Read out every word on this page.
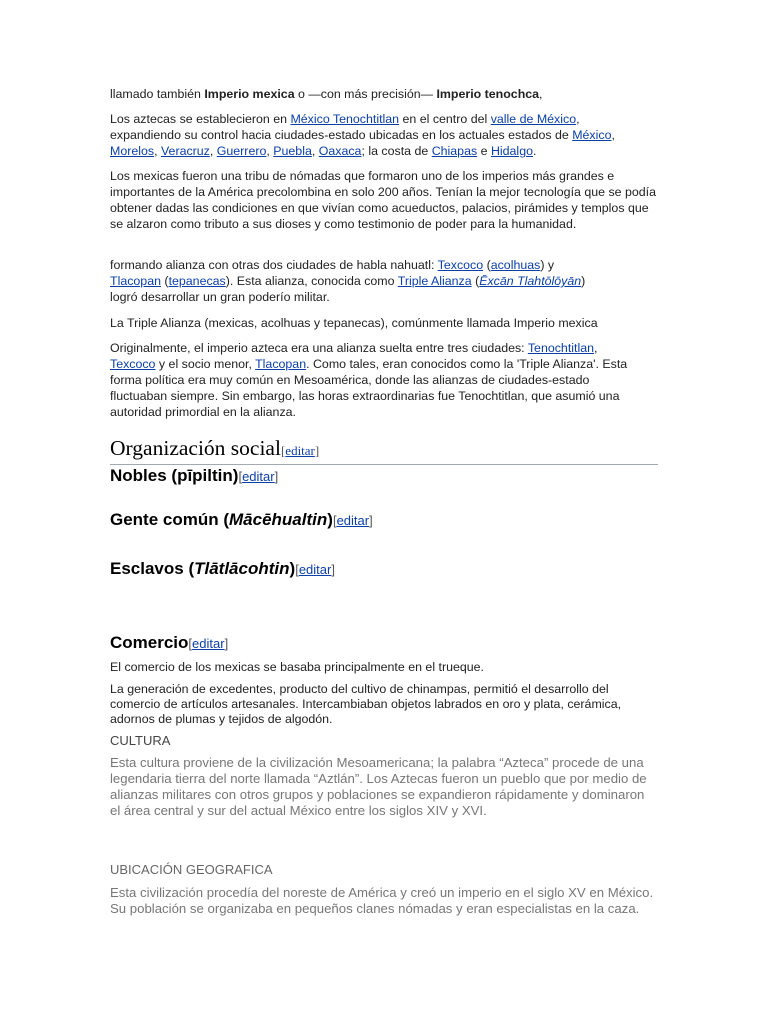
llamado también Imperio mexica o —con más precisión— Imperio tenochca,

Los aztecas se establecieron en México Tenochtitlan en el centro del valle de México, expandiendo su control hacia ciudades-estado ubicadas en los actuales estados de México, Morelos, Veracruz, Guerrero, Puebla, Oaxaca; la costa de Chiapas e Hidalgo.

Los mexicas fueron una tribu de nómadas que formaron uno de los imperios más grandes e importantes de la América precolombina en solo 200 años. Tenían la mejor tecnología que se podía obtener dadas las condiciones en que vivían como acueductos, palacios, pirámides y templos que se alzaron como tributo a sus dioses y como testimonio de poder para la humanidad.

formando alianza con otras dos ciudades de habla nahuatl: Texcoco (acolhuas) y Tlacopan (tepanecas). Esta alianza, conocida como Triple Alianza (Ēxcān Tlahtōlōyān) logró desarrollar un gran poderío militar.

La Triple Alianza (mexicas, acolhuas y tepanecas), comúnmente llamada Imperio mexica

Originalmente, el imperio azteca era una alianza suelta entre tres ciudades: Tenochtitlan, Texcoco y el socio menor, Tlacopan. Como tales, eran conocidos como la 'Triple Alianza'. Esta forma política era muy común en Mesoamérica, donde las alianzas de ciudades-estado fluctuaban siempre. Sin embargo, las horas extraordinarias fue Tenochtitlan, que asumió una autoridad primordial en la alianza.

Organización social[editar]
Nobles (pīpiltin)[editar]
Gente común (Mācēhualtin)[editar]
Esclavos (Tlātlācohtin)[editar]
Comercio[editar]

El comercio de los mexicas se basaba principalmente en el trueque.

La generación de excedentes, producto del cultivo de chinampas, permitió el desarrollo del comercio de artículos artesanales. Intercambiaban objetos labrados en oro y plata, cerámica, adornos de plumas y tejidos de algodón.

CULTURA

Esta cultura proviene de la civilización Mesoamericana; la palabra “Azteca” procede de una legendaria tierra del norte llamada “Aztlán”. Los Aztecas fueron un pueblo que por medio de alianzas militares con otros grupos y poblaciones se expandieron rápidamente y dominaron el área central y sur del actual México entre los siglos XIV y XVI.

UBICACIÓN GEOGRAFICA

Esta civilización procedía del noreste de América y creó un imperio en el siglo XV en México. Su población se organizaba en pequeños clanes nómadas y eran especialistas en la caza.
